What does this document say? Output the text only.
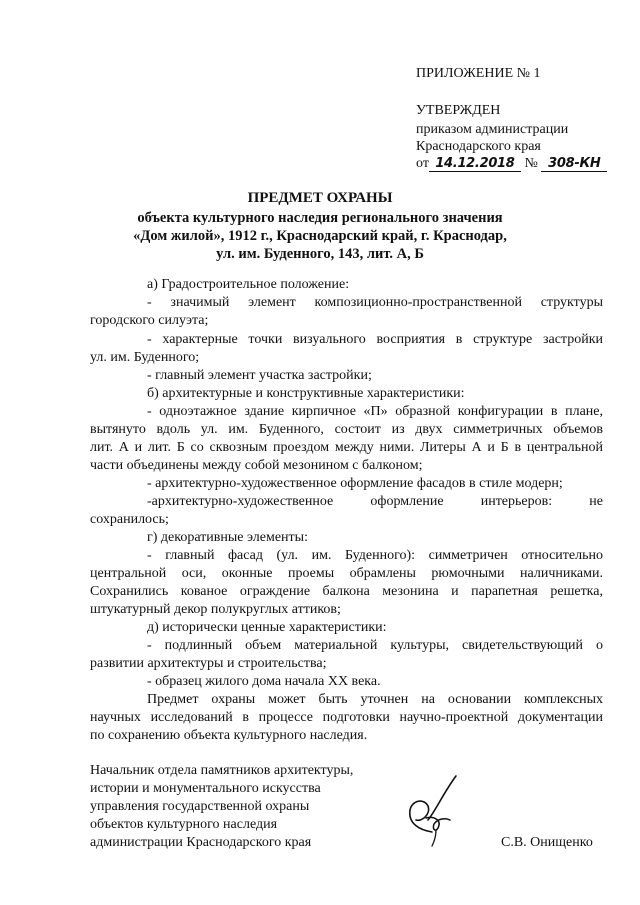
ПРИЛОЖЕНИЕ № 1
УТВЕРЖДЕН
приказом администрации
Краснодарского края
от 14.12.2018 № 308-КН
ПРЕДМЕТ ОХРАНЫ
объекта культурного наследия регионального значения
«Дом жилой», 1912 г., Краснодарский край, г. Краснодар,
ул. им. Буденного, 143, лит. А, Б
а) Градостроительное положение:
- значимый элемент композиционно-пространственной структуры
городского силуэта;
- характерные точки визуального восприятия в структуре застройки
ул. им. Буденного;
- главный элемент участка застройки;
б) архитектурные и конструктивные характеристики:
- одноэтажное здание кирпичное «П» образной конфигурации в плане,
вытянуто вдоль ул. им. Буденного, состоит из двух симметричных объемов
лит. А и лит. Б со сквозным проездом между ними. Литеры А и Б в центральной
части объединены между собой мезонином с балконом;
- архитектурно-художественное оформление фасадов в стиле модерн;
-архитектурно-художественное оформление интерьеров: не
сохранилось;
г) декоративные элементы:
- главный фасад (ул. им. Буденного): симметричен относительно
центральной оси, оконные проемы обрамлены рюмочными наличниками.
Сохранились кованое ограждение балкона мезонина и парапетная решетка,
штукатурный декор полукруглых аттиков;
д) исторически ценные характеристики:
- подлинный объем материальной культуры, свидетельствующий о
развитии архитектуры и строительства;
- образец жилого дома начала XX века.
Предмет охраны может быть уточнен на основании комплексных
научных исследований в процессе подготовки научно-проектной документации
по сохранению объекта культурного наследия.
Начальник отдела памятников архитектуры,
истории и монументального искусства
управления государственной охраны
объектов культурного наследия
администрации Краснодарского края	С.В. Онищенко
